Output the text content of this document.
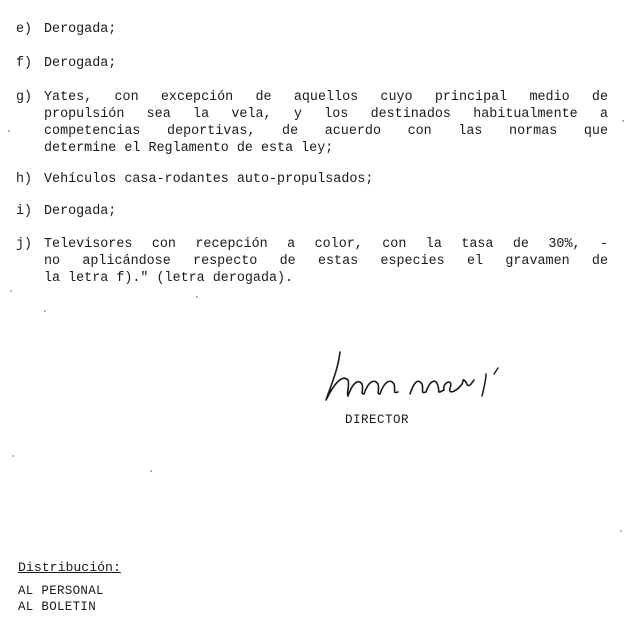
e) Derogada;
f) Derogada;
g) Yates, con excepción de aquellos cuyo principal medio de
propulsión sea la vela, y los destinados habitualmente a
competencias deportivas, de acuerdo con las normas que
determine el Reglamento de esta ley;
h) Vehículos casa-rodantes auto-propulsados;
i) Derogada;
j) Televisores con recepción a color, con la tasa de 30%, -
no aplicándose respecto de estas especies el gravamen de
la letra f)." (letra derogada).
DIRECTOR
Distribución:
AL PERSONAL
AL BOLETIN
